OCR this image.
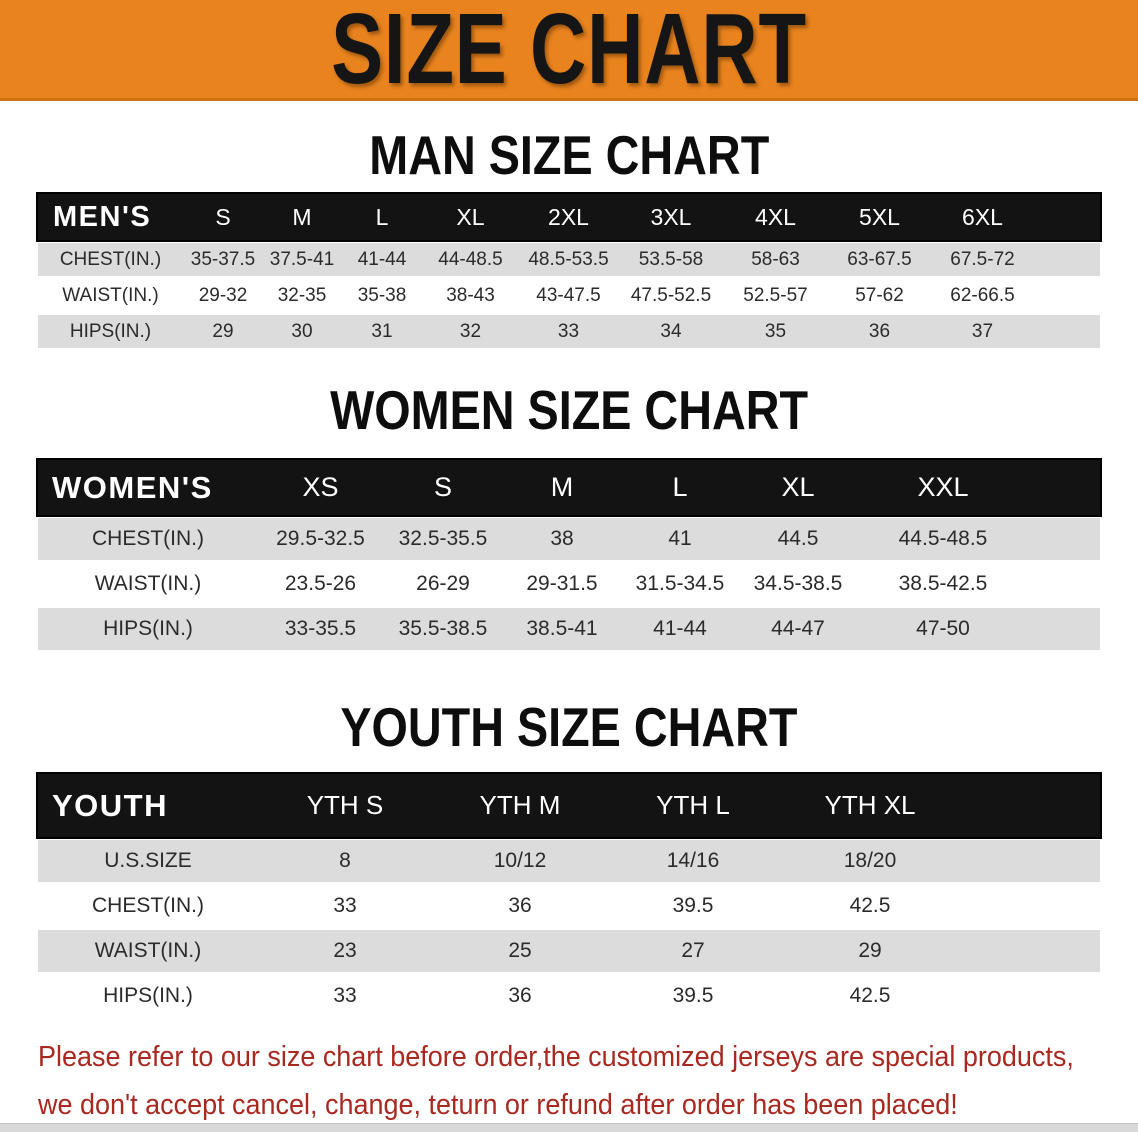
SIZE CHART
MAN SIZE CHART
MEN'S	S	M	L	XL	2XL	3XL	4XL	5XL	6XL
CHEST(IN.)	35-37.5 37.5-41	41-44	44-48.5	48.5-53.5	53.5-58	58-63	63-67.5	67.5-72
WAIST(IN.)	29-32	32-35	35-38	38-43	43-47.5	47.5-52.5	52.5-57	57-62	62-66.5
HIPS(IN.)	29	30	31	32	33	34	35	36	37
WOMEN SIZE CHART
WOMEN'S	XS	S	M	L	XL	XXL
CHEST(IN.)	29.5-32.5	32.5-35.5	38	41	44.5	44.5-48.5
WAIST(IN.)	23.5-26	26-29	29-31.5	31.5-34.5	34.5-38.5	38.5-42.5
HIPS(IN.)	33-35.5	35.5-38.5	38.5-41	41-44	44-47	47-50
YOUTH SIZE CHART
YOUTH	YTH S	YTH M	YTH L	YTH XL
U.S.SIZE	8	10/12	14/16	18/20
CHEST(IN.)	33	36	39.5	42.5
WAIST(IN.)	23	25	27	29
HIPS(IN.)	33	36	39.5	42.5
Please refer to our size chart before order,the customized jerseys are special products,
we don't accept cancel, change, teturn or refund after order has been placed!
